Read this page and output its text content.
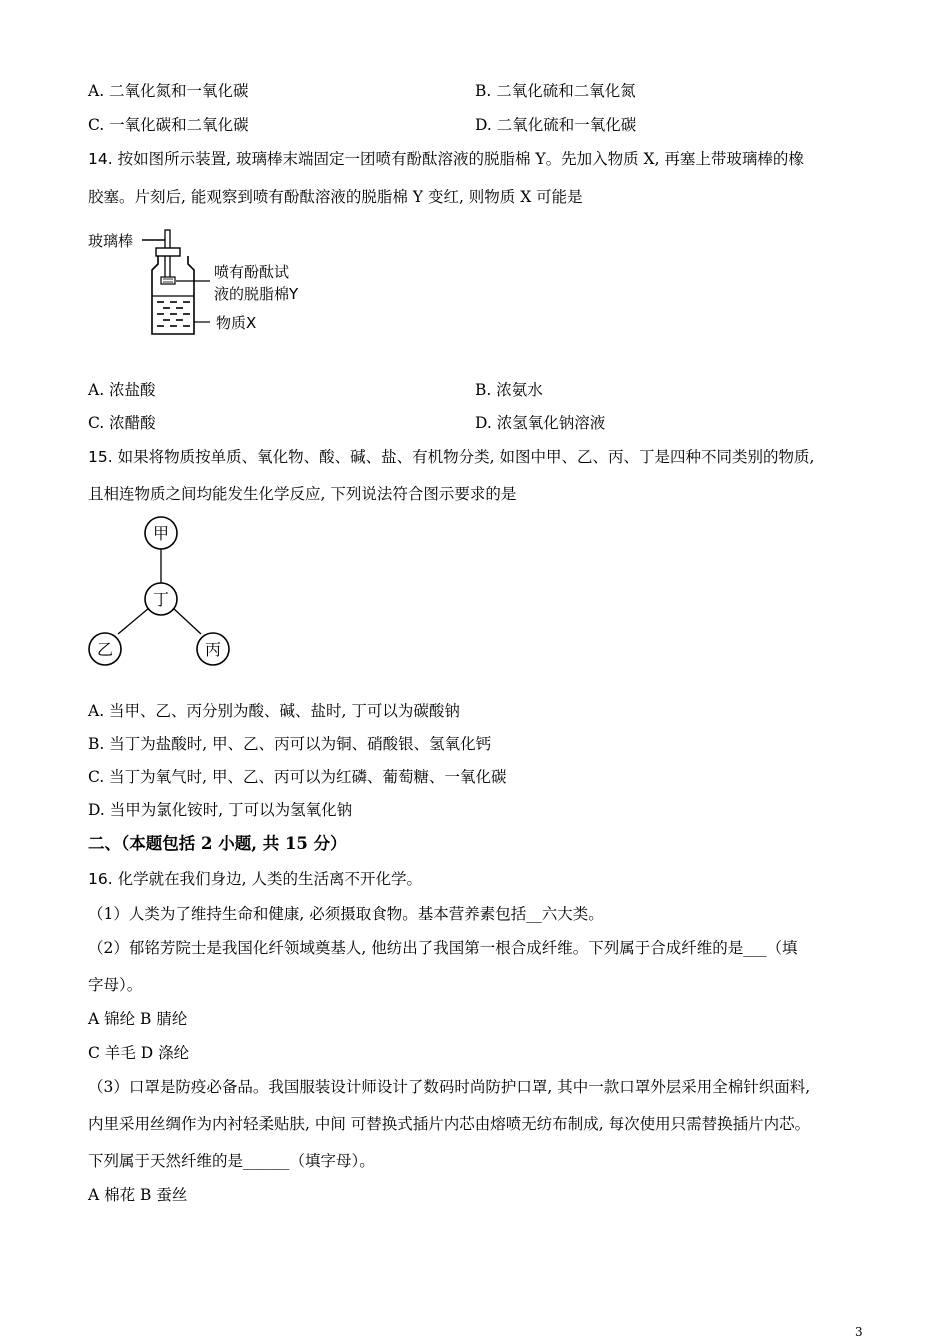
A. 二氧化氮和一氧化碳	B. 二氧化硫和二氧化氮
C. 一氧化碳和二氧化碳	D. 二氧化硫和一氧化碳
14. 按如图所示装置, 玻璃棒末端固定一团喷有酚酞溶液的脱脂棉 Y。先加入物质 X, 再塞上带玻璃棒的橡
胶塞。片刻后, 能观察到喷有酚酞溶液的脱脂棉 Y 变红, 则物质 X 可能是
玻璃棒
喷有酚酞试
液的脱脂棉Y
物质X
A. 浓盐酸	B. 浓氨水
C. 浓醋酸	D. 浓氢氧化钠溶液
15. 如果将物质按单质、氧化物、酸、碱、盐、有机物分类, 如图中甲、乙、丙、丁是四种不同类别的物质,
且相连物质之间均能发生化学反应, 下列说法符合图示要求的是
甲
丁
乙	丙
A. 当甲、乙、丙分别为酸、碱、盐时, 丁可以为碳酸钠
B. 当丁为盐酸时, 甲、乙、丙可以为铜、硝酸银、氢氧化钙
C. 当丁为氧气时, 甲、乙、丙可以为红磷、葡萄糖、一氧化碳
D. 当甲为氯化铵时, 丁可以为氢氧化钠
二、（本题包括 2 小题, 共 15 分）
16. 化学就在我们身边, 人类的生活离不开化学。
（1）人类为了维持生命和健康, 必须摄取食物。基本营养素包括__六大类。
（2）郁铭芳院士是我国化纤领域奠基人, 他纺出了我国第一根合成纤维。下列属于合成纤维的是___（填
字母）。
A 锦纶 B 腈纶
C 羊毛 D 涤纶
（3）口罩是防疫必备品。我国服装设计师设计了数码时尚防护口罩, 其中一款口罩外层采用全棉针织面料,
内里采用丝绸作为内衬轻柔贴肤, 中间 可替换式插片内芯由熔喷无纺布制成, 每次使用只需替换插片内芯。
下列属于天然纤维的是______（填字母）。
A 棉花 B 蚕丝
3
